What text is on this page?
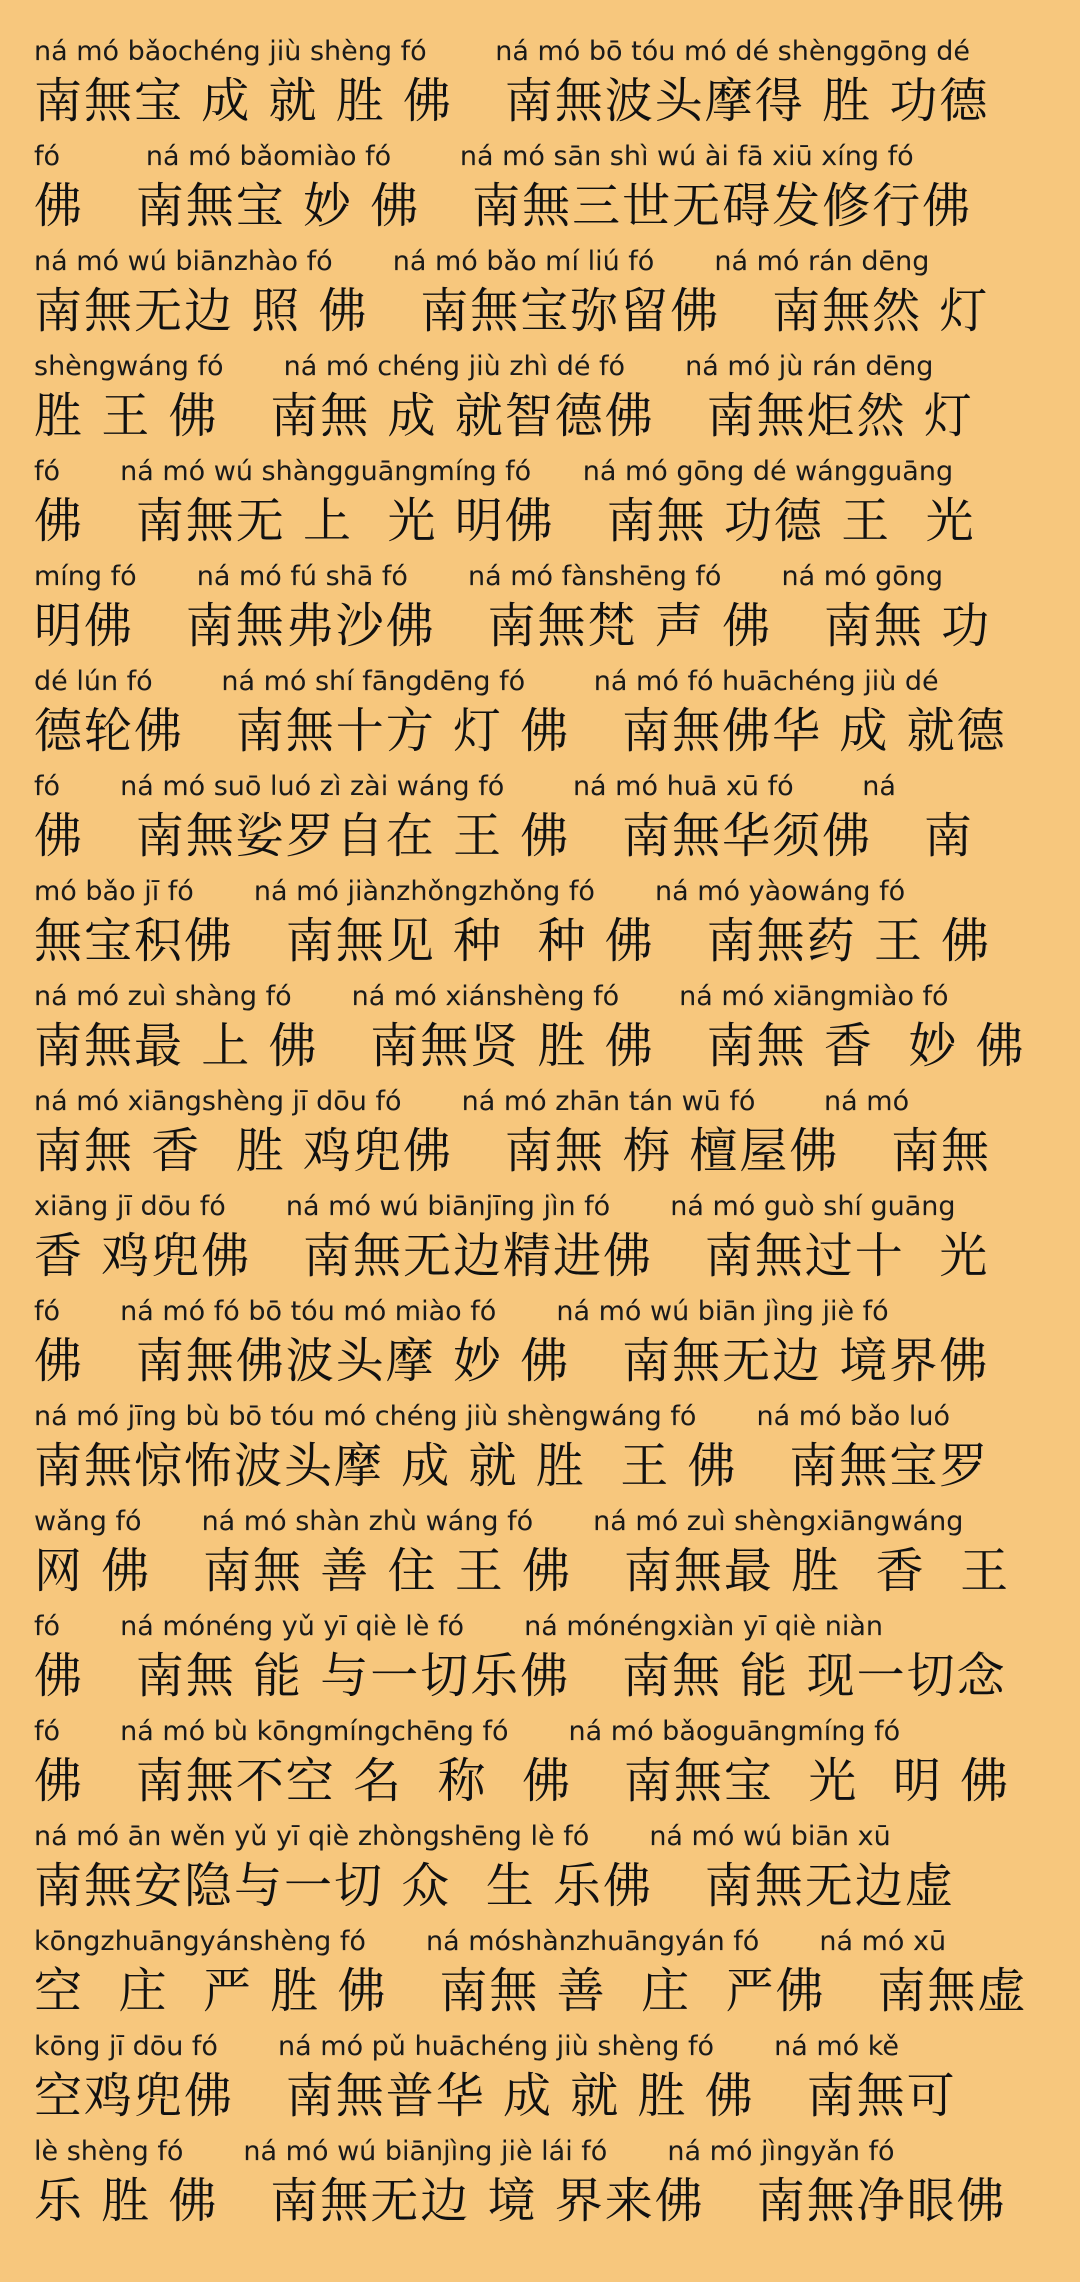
ná mó bǎochéng jiù shèng fó        ná mó bō tóu mó dé shènggōng dé
南無宝 成 就 胜 佛   南無波头摩得 胜 功德
fó          ná mó bǎomiào fó        ná mó sān shì wú ài fā xiū xíng fó
佛   南無宝 妙 佛   南無三世无碍发修行佛
ná mó wú biānzhào fó       ná mó bǎo mí liú fó       ná mó rán dēng
南無无边 照 佛   南無宝弥留佛   南無然 灯
shèngwáng fó       ná mó chéng jiù zhì dé fó       ná mó jù rán dēng
胜 王 佛   南無 成 就智德佛   南無炬然 灯
fó       ná mó wú shàngguāngmíng fó      ná mó gōng dé wángguāng
佛   南無无 上  光 明佛   南無 功德 王  光
míng fó       ná mó fú shā fó       ná mó fànshēng fó       ná mó gōng
明佛   南無弗沙佛   南無梵 声 佛   南無 功
dé lún fó        ná mó shí fāngdēng fó        ná mó fó huāchéng jiù dé
德轮佛   南無十方 灯 佛   南無佛华 成 就德
fó       ná mó suō luó zì zài wáng fó        ná mó huā xū fó        ná
佛   南無娑罗自在 王 佛   南無华须佛   南
mó bǎo jī fó       ná mó jiànzhǒngzhǒng fó       ná mó yàowáng fó
無宝积佛   南無见 种  种 佛   南無药 王 佛
ná mó zuì shàng fó       ná mó xiánshèng fó       ná mó xiāngmiào fó
南無最 上 佛   南無贤 胜 佛   南無 香  妙 佛
ná mó xiāngshèng jī dōu fó       ná mó zhān tán wū fó        ná mó
南無 香  胜 鸡兜佛   南無 栴 檀屋佛   南無
xiāng jī dōu fó       ná mó wú biānjīng jìn fó       ná mó guò shí guāng
香 鸡兜佛   南無无边精进佛   南無过十  光
fó       ná mó fó bō tóu mó miào fó       ná mó wú biān jìng jiè fó
佛   南無佛波头摩 妙 佛   南無无边 境界佛
ná mó jīng bù bō tóu mó chéng jiù shèngwáng fó       ná mó bǎo luó
南無惊怖波头摩 成 就 胜  王 佛   南無宝罗
wǎng fó       ná mó shàn zhù wáng fó       ná mó zuì shèngxiāngwáng
网 佛   南無 善 住 王 佛   南無最 胜  香  王
fó       ná mónéng yǔ yī qiè lè fó       ná mónéngxiàn yī qiè niàn
佛   南無 能 与一切乐佛   南無 能 现一切念
fó       ná mó bù kōngmíngchēng fó       ná mó bǎoguāngmíng fó
佛   南無不空 名  称  佛   南無宝  光  明 佛
ná mó ān wěn yǔ yī qiè zhòngshēng lè fó       ná mó wú biān xū
南無安隐与一切 众  生 乐佛   南無无边虚
kōngzhuāngyánshèng fó       ná móshànzhuāngyán fó       ná mó xū
空  庄  严 胜 佛   南無 善  庄  严佛   南無虚
kōng jī dōu fó       ná mó pǔ huāchéng jiù shèng fó       ná mó kě
空鸡兜佛   南無普华 成 就 胜 佛   南無可
lè shèng fó       ná mó wú biānjìng jiè lái fó       ná mó jìngyǎn fó
乐 胜 佛   南無无边 境 界来佛   南無净眼佛
